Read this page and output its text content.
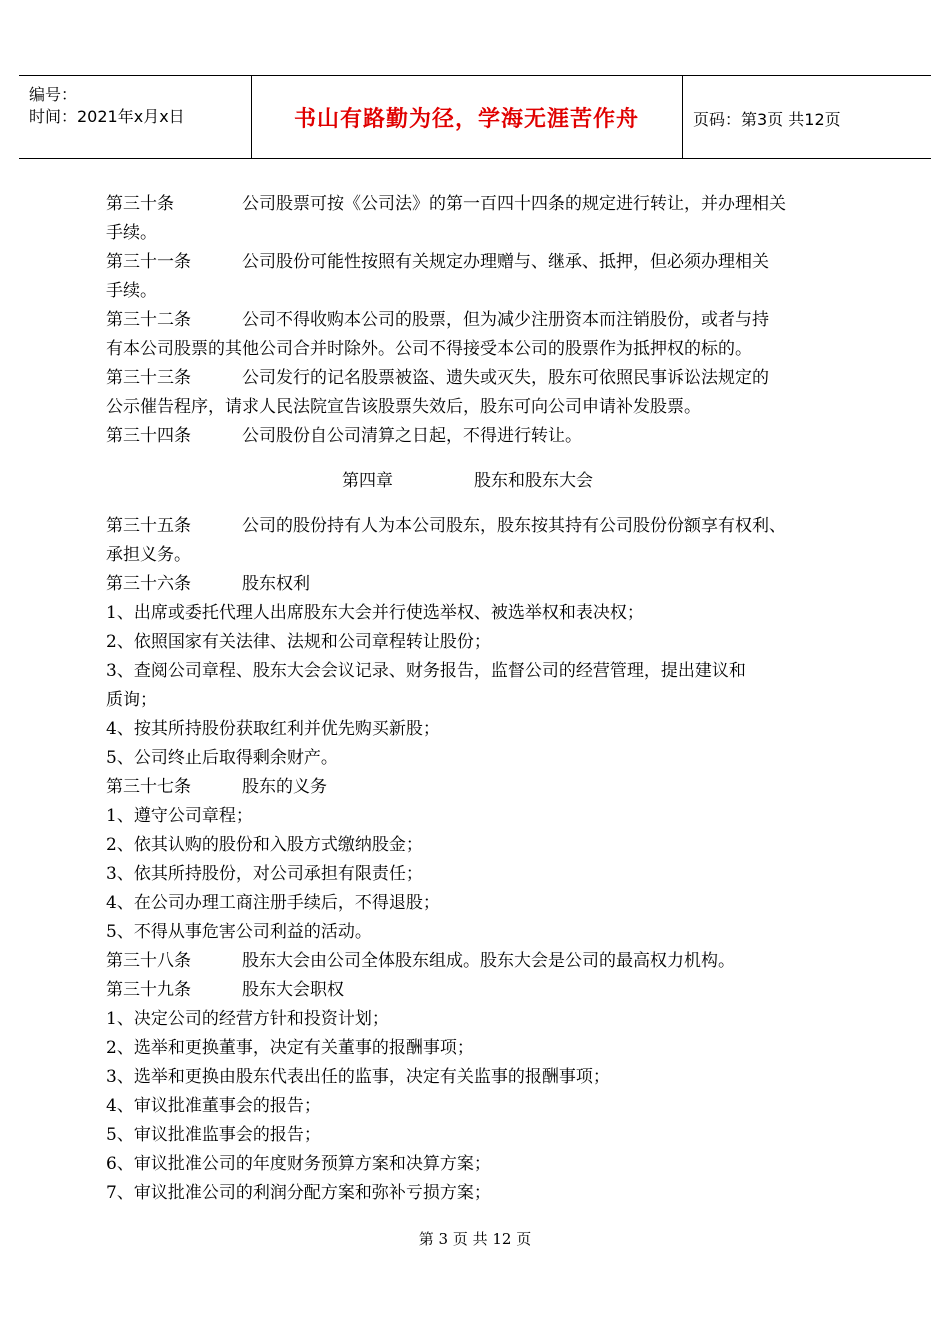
编号：
时间：2021年x月x日	书山有路勤为径，学海无涯苦作舟	页码：第3页 共12页
第三十条	公司股票可按《公司法》的第一百四十四条的规定进行转让，并办理相关
手续。
第三十一条	公司股份可能性按照有关规定办理赠与、继承、抵押，但必须办理相关
手续。
第三十二条	公司不得收购本公司的股票，但为减少注册资本而注销股份，或者与持
有本公司股票的其他公司合并时除外。公司不得接受本公司的股票作为抵押权的标的。
第三十三条	公司发行的记名股票被盗、遗失或灭失，股东可依照民事诉讼法规定的
公示催告程序，请求人民法院宣告该股票失效后，股东可向公司申请补发股票。
第三十四条	公司股份自公司清算之日起，不得进行转让。
第四章	股东和股东大会
第三十五条	公司的股份持有人为本公司股东，股东按其持有公司股份份额享有权利、
承担义务。
第三十六条	股东权利
1、出席或委托代理人出席股东大会并行使选举权、被选举权和表决权；
2、依照国家有关法律、法规和公司章程转让股份；
3、查阅公司章程、股东大会会议记录、财务报告，监督公司的经营管理，提出建议和
质询；
4、按其所持股份获取红利并优先购买新股；
5、公司终止后取得剩余财产。
第三十七条	股东的义务
1、遵守公司章程；
2、依其认购的股份和入股方式缴纳股金；
3、依其所持股份，对公司承担有限责任；
4、在公司办理工商注册手续后，不得退股；
5、不得从事危害公司利益的活动。
第三十八条	股东大会由公司全体股东组成。股东大会是公司的最高权力机构。
第三十九条	股东大会职权
1、决定公司的经营方针和投资计划；
2、选举和更换董事，决定有关董事的报酬事项；
3、选举和更换由股东代表出任的监事，决定有关监事的报酬事项；
4、审议批准董事会的报告；
5、审议批准监事会的报告；
6、审议批准公司的年度财务预算方案和决算方案；
7、审议批准公司的利润分配方案和弥补亏损方案；
第 3 页 共 12 页
